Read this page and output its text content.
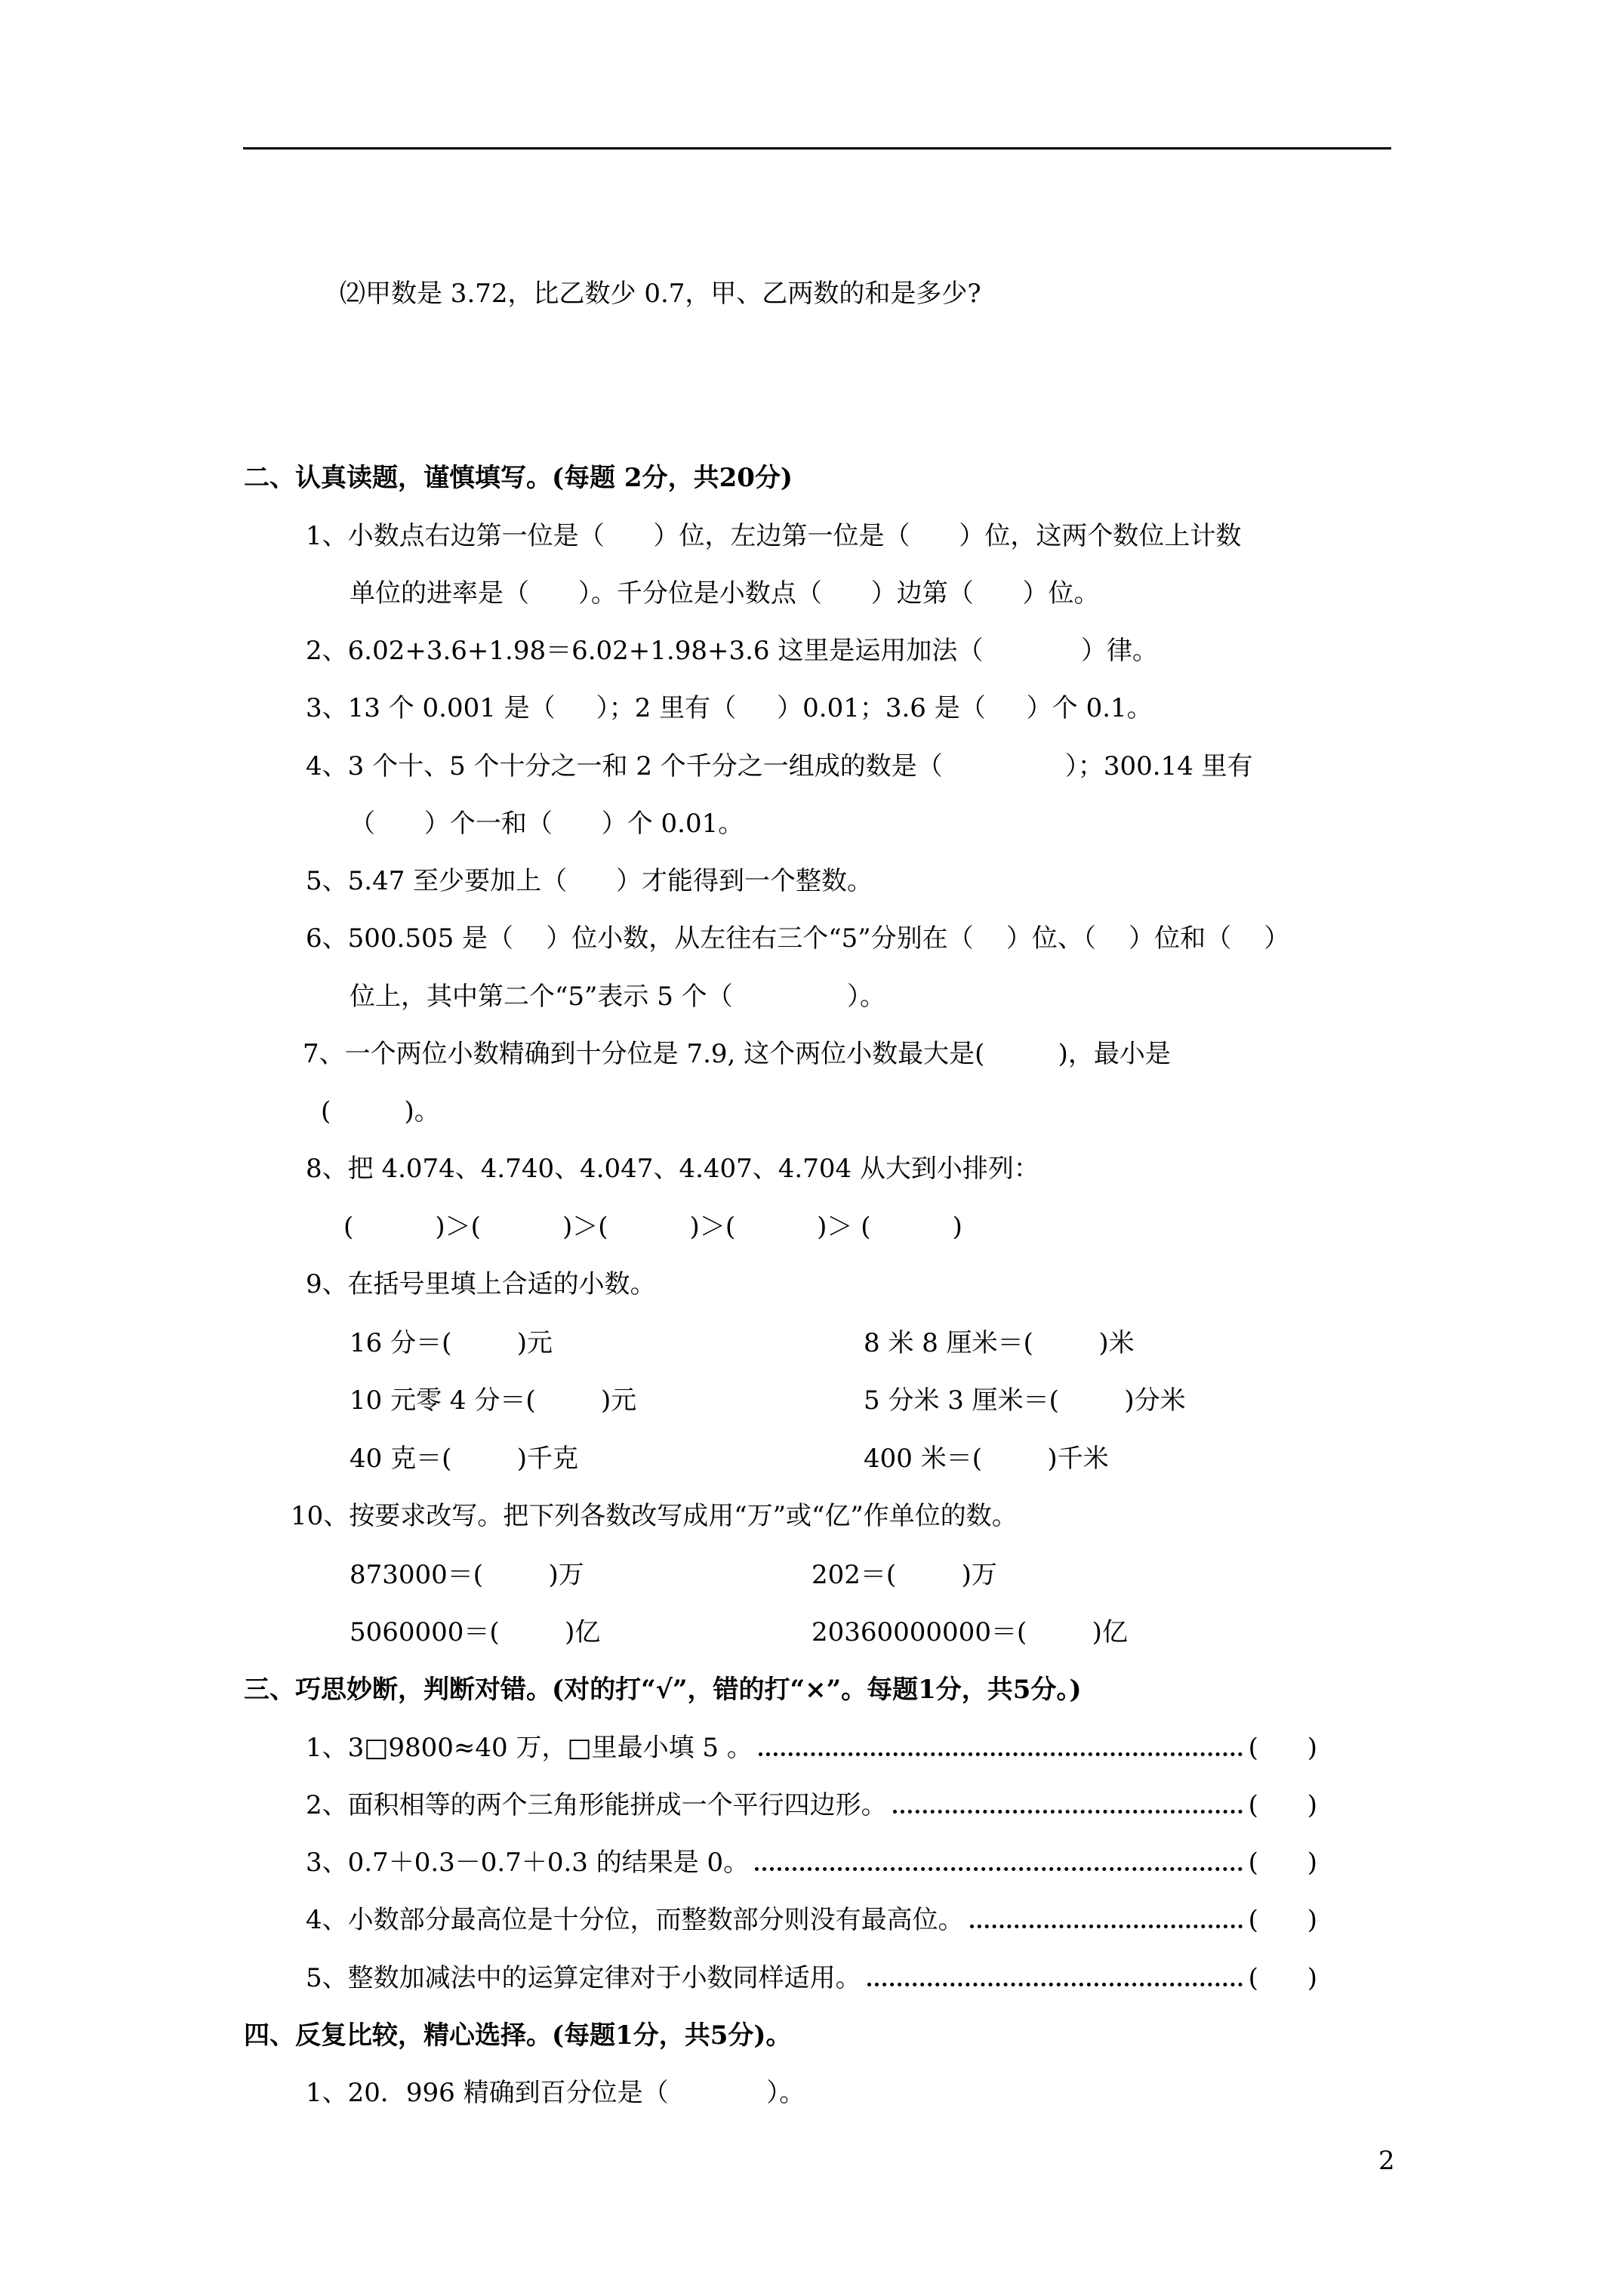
⑵甲数是 3.72，比乙数少 0.7，甲、乙两数的和是多少?
二、认真读题，谨慎填写。(每题 2分，共20分)
1、小数点右边第一位是（      ）位，左边第一位是（      ）位，这两个数位上计数
单位的进率是（      ）。千分位是小数点（      ）边第（      ）位。
2、6.02+3.6+1.98＝6.02+1.98+3.6 这里是运用加法（            ）律。
3、13 个 0.001 是（     ）；2 里有（     ）0.01；3.6 是（     ）个 0.1。
4、3 个十、5 个十分之一和 2 个千分之一组成的数是（               ）；300.14 里有
（      ）个一和（      ）个 0.01。
5、5.47 至少要加上（      ）才能得到一个整数。
6、500.505 是（    ）位小数，从左往右三个“5”分别在（    ）位、（    ）位和（    ）
位上，其中第二个“5”表示 5 个（              ）。
7、一个两位小数精确到十分位是 7.9, 这个两位小数最大是(         )，最小是
(         )。
8、把 4.074、4.740、4.047、4.407、4.704 从大到小排列：
(          )＞(          )＞(          )＞(          )＞ (          )
9、在括号里填上合适的小数。
16 分＝(        )元	8 米 8 厘米＝(        )米
10 元零 4 分＝(        )元	5 分米 3 厘米＝(        )分米
40 克＝(        )千克	400 米＝(        )千米
10、按要求改写。把下列各数改写成用“万”或“亿”作单位的数。
873000＝(        )万	202＝(        )万
5060000＝(        )亿	20360000000＝(        )亿
三、巧思妙断，判断对错。(对的打“√”，错的打“×”。每题1分，共5分。)
1、3□9800≈40 万，□里最小填 5 。	(      )
2、面积相等的两个三角形能拼成一个平行四边形。	(      )
3、0.7＋0.3－0.7＋0.3 的结果是 0。	(      )
4、小数部分最高位是十分位，而整数部分则没有最高位。	(      )
5、整数加减法中的运算定律对于小数同样适用。	(      )
四、反复比较，精心选择。(每题1分，共5分)。
1、20．996 精确到百分位是（            ）。
2
